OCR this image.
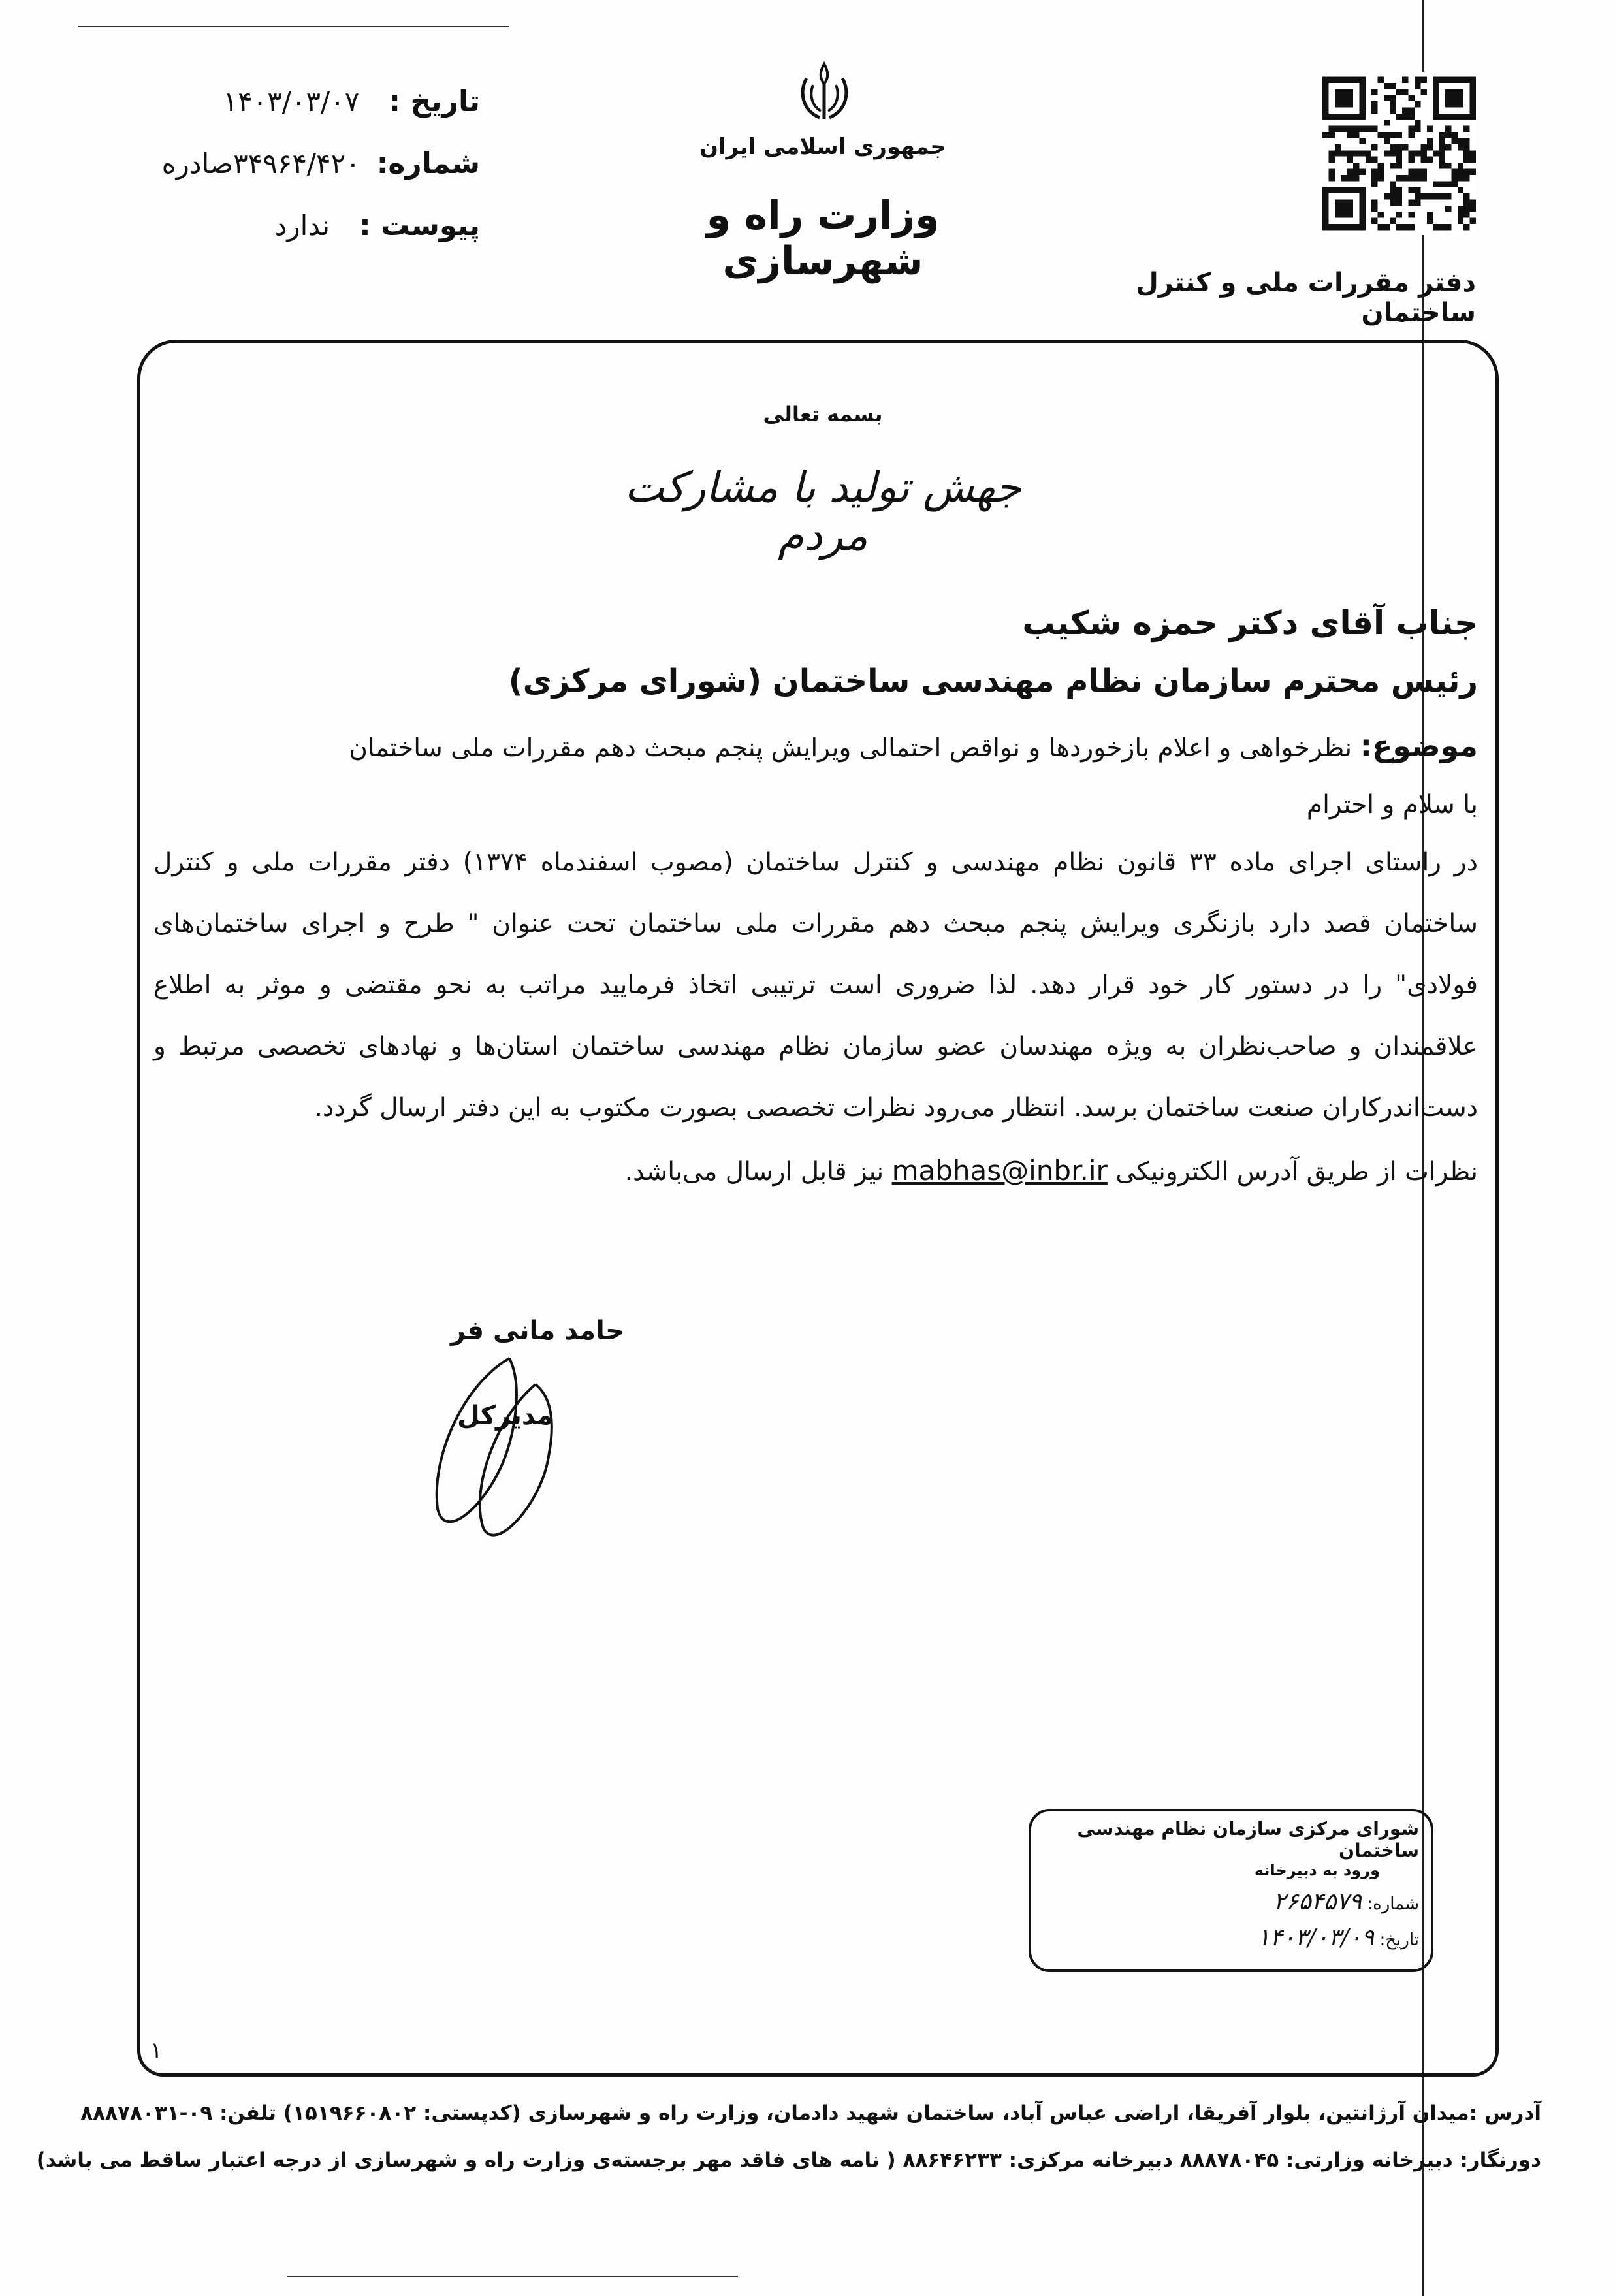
تاریخ : ۱۴۰۳/۰۳/۰۷
شماره: ۳۴۹۶۴/۴۲۰صادره
پیوست : ندارد
جمهوری اسلامی ایران
وزارت راه و شهرسازی	دفتر مقررات ملی و کنترل ساختمان
بسمه تعالی
جهش تولید با مشارکت مردم
جناب آقای دکتر حمزه شکیب
رئیس محترم سازمان نظام مهندسی ساختمان (شورای مرکزی)
موضوع: نظرخواهی و اعلام بازخوردها و نواقص احتمالی ویرایش پنجم مبحث دهم مقررات ملی ساختمان
با سلام و احترام
در راستای اجرای ماده ۳۳ قانون نظام مهندسی و کنترل ساختمان (مصوب اسفندماه ۱۳۷۴) دفتر مقررات ملی و کنترل
ساختمان قصد دارد بازنگری ویرایش پنجم مبحث دهم مقررات ملی ساختمان تحت عنوان " طرح و اجرای ساختمان‌های
فولادی" را در دستور کار خود قرار دهد. لذا ضروری است ترتیبی اتخاذ فرمایید مراتب به نحو مقتضی و موثر به اطلاع
علاقمندان و صاحب‌نظران به ویژه مهندسان عضو سازمان نظام مهندسی ساختمان استان‌ها و نهادهای تخصصی مرتبط و
دست‌اندرکاران صنعت ساختمان برسد. انتظار می‌رود نظرات تخصصی بصورت مکتوب به این دفتر ارسال گردد.
نظرات از طریق آدرس الکترونیکی mabhas@inbr.ir نیز قابل ارسال می‌باشد.
حامد مانی فر
مدیرکل
شورای مرکزی سازمان نظام مهندسی ساختمان
ورود به دبیرخانه
شماره: ۲۶۵۴۵۷۹
تاریخ: ۱۴۰۳/۰۳/۰۹
۱
آدرس :میدان آرژانتین، بلوار آفریقا، اراضی عباس آباد، ساختمان شهید دادمان، وزارت راه و شهرسازی (کدپستی: ۱۵۱۹۶۶۰۸۰۲) تلفن: ۰۹-۸۸۸۷۸۰۳۱
دورنگار: دبیرخانه وزارتی: ۸۸۸۷۸۰۴۵ دبیرخانه مرکزی: ۸۸۶۴۶۲۳۳ ( نامه های فاقد مهر برجسته‌ی وزارت راه و شهرسازی از درجه اعتبار ساقط می باشد)
